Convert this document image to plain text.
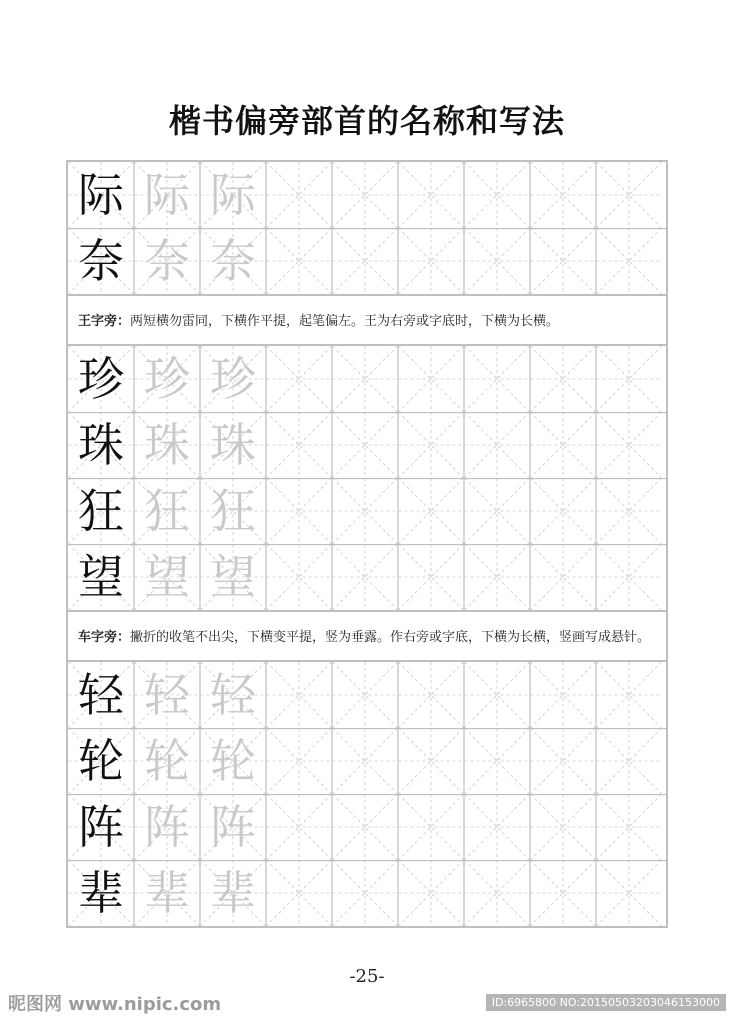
楷书偏旁部首的名称和写法
际 际 际
奈 奈 奈
王字旁：两短横勿雷同，下横作平提，起笔偏左。王为右旁或字底时，下横为长横。
珍 珍 珍
珠 珠 珠
狂 狂 狂
望 望 望
车字旁：撇折的收笔不出尖，下横变平提，竖为垂露。作右旁或字底，下横为长横，竖画写成悬针。
轻 轻 轻
轮 轮 轮
阵 阵 阵
辈 辈 辈
-25-
昵图网 www.nipic.com	ID:6965800 NO:20150503203046153000
